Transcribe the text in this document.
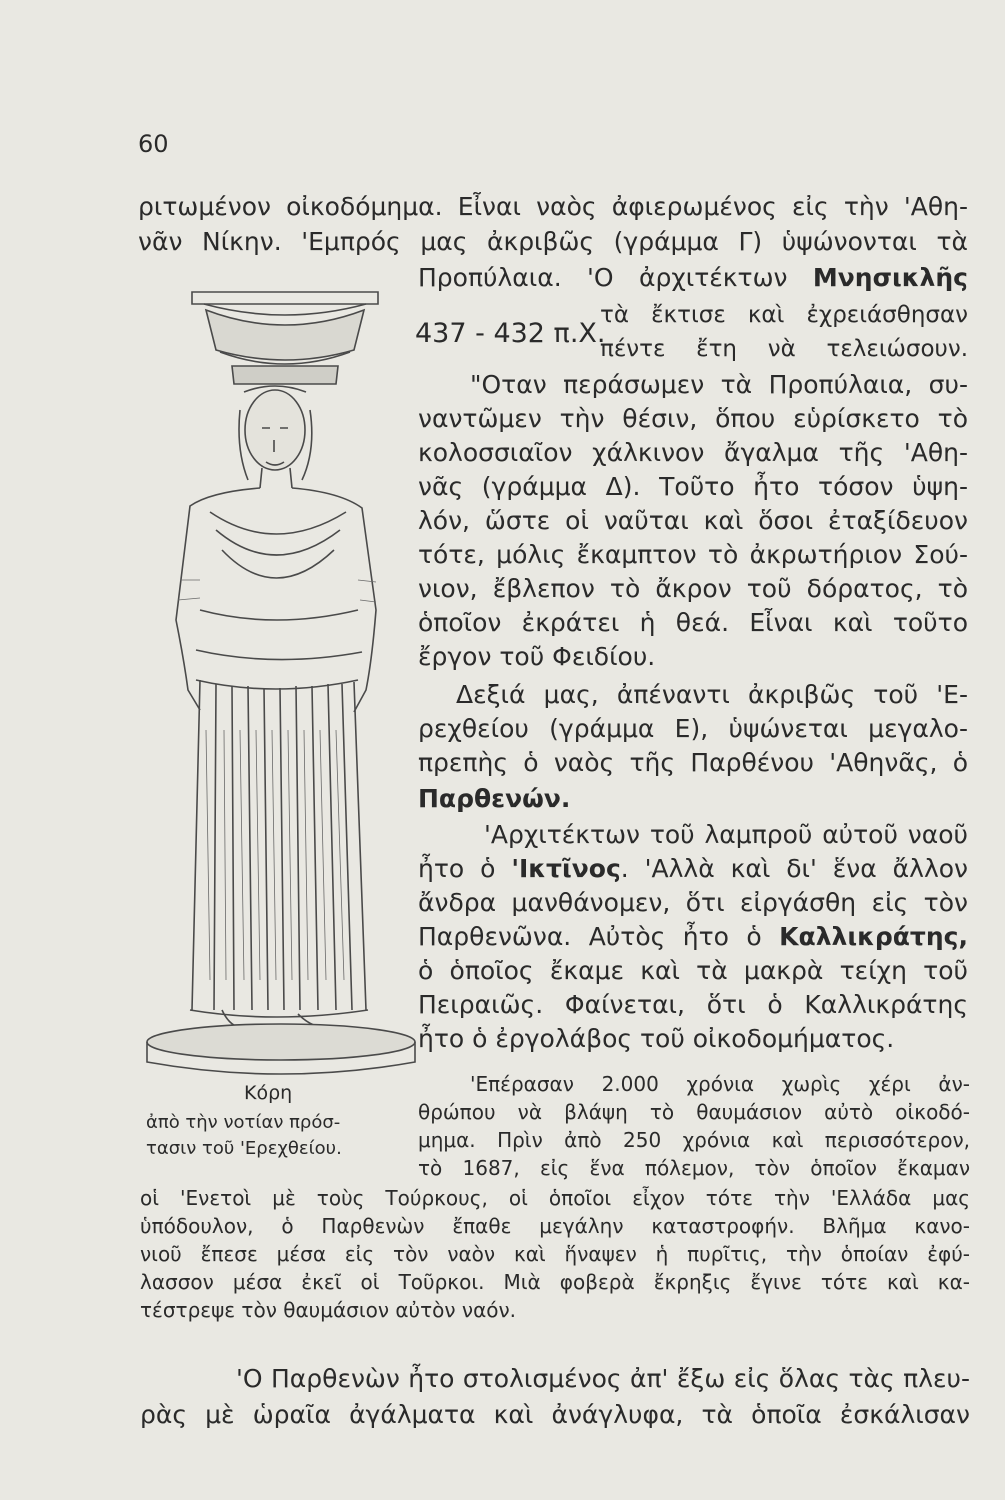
60
ριτωμένον οἰκοδόμημα. Εἶναι ναὸς ἀφιερωμένος εἰς τὴν 'Αθη-
νᾶν Νίκην. 'Εμπρός μας ἀκριβῶς (γράμμα Γ) ὑψώνονται τὰ
Προπύλαια. 'Ο ἀρχιτέκτων Μνησικλῆς
437 - 432 π.Χ.
τὰ ἔκτισε καὶ ἐχρειάσθησαν
πέντε ἔτη νὰ τελειώσουν.
"Οταν περάσωμεν τὰ Προπύλαια, συ-
ναντῶμεν τὴν θέσιν, ὅπου εὑρίσκετο τὸ
κολοσσιαῖον χάλκινον ἄγαλμα τῆς 'Αθη-
νᾶς (γράμμα Δ). Τοῦτο ἦτο τόσον ὑψη-
λόν, ὥστε οἱ ναῦται καὶ ὅσοι ἐταξίδευον
τότε, μόλις ἔκαμπτον τὸ ἀκρωτήριον Σού-
νιον, ἔβλεπον τὸ ἄκρον τοῦ δόρατος, τὸ
ὁποῖον ἐκράτει ἡ θεά. Εἶναι καὶ τοῦτο
ἔργον τοῦ Φειδίου.
Δεξιά μας, ἀπέναντι ἀκριβῶς τοῦ 'Ε-
ρεχθείου (γράμμα Ε), ὑψώνεται μεγαλο-
πρεπὴς ὁ ναὸς τῆς Παρθένου 'Αθηνᾶς, ὁ
Παρθενών.
'Αρχιτέκτων τοῦ λαμπροῦ αὐτοῦ ναοῦ
ἦτο ὁ 'Ικτῖνος. 'Αλλὰ καὶ δι' ἕνα ἄλλον
ἄνδρα μανθάνομεν, ὅτι εἰργάσθη εἰς τὸν
Παρθενῶνα. Αὐτὸς ἦτο ὁ Καλλικράτης,
ὁ ὁποῖος ἔκαμε καὶ τὰ μακρὰ τείχη τοῦ
Πειραιῶς. Φαίνεται, ὅτι ὁ Καλλικράτης
ἦτο ὁ ἐργολάβος τοῦ οἰκοδομήματος.
Κόρη
ἀπὸ τὴν νοτίαν πρόσ-
τασιν τοῦ 'Ερεχθείου.
'Επέρασαν 2.000 χρόνια χωρὶς χέρι ἀν-
θρώπου νὰ βλάψη τὸ θαυμάσιον αὐτὸ οἰκοδό-
μημα. Πρὶν ἀπὸ 250 χρόνια καὶ περισσότερον,
τὸ 1687, εἰς ἕνα πόλεμον, τὸν ὁποῖον ἔκαμαν
οἱ 'Ενετοὶ μὲ τοὺς Τούρκους, οἱ ὁποῖοι εἶχον τότε τὴν 'Ελλάδα μας
ὑπόδουλον, ὁ Παρθενὼν ἔπαθε μεγάλην καταστροφήν. Βλῆμα κανο-
νιοῦ ἔπεσε μέσα εἰς τὸν ναὸν καὶ ἥναψεν ἡ πυρῖτις, τὴν ὁποίαν ἐφύ-
λασσον μέσα ἐκεῖ οἱ Τοῦρκοι. Μιὰ φοβερὰ ἔκρηξις ἔγινε τότε καὶ κα-
τέστρεψε τὸν θαυμάσιον αὐτὸν ναόν.
'Ο Παρθενὼν ἦτο στολισμένος ἀπ' ἔξω εἰς ὅλας τὰς πλευ-
ρὰς μὲ ὡραῖα ἀγάλματα καὶ ἀνάγλυφα, τὰ ὁποῖα ἐσκάλισαν
